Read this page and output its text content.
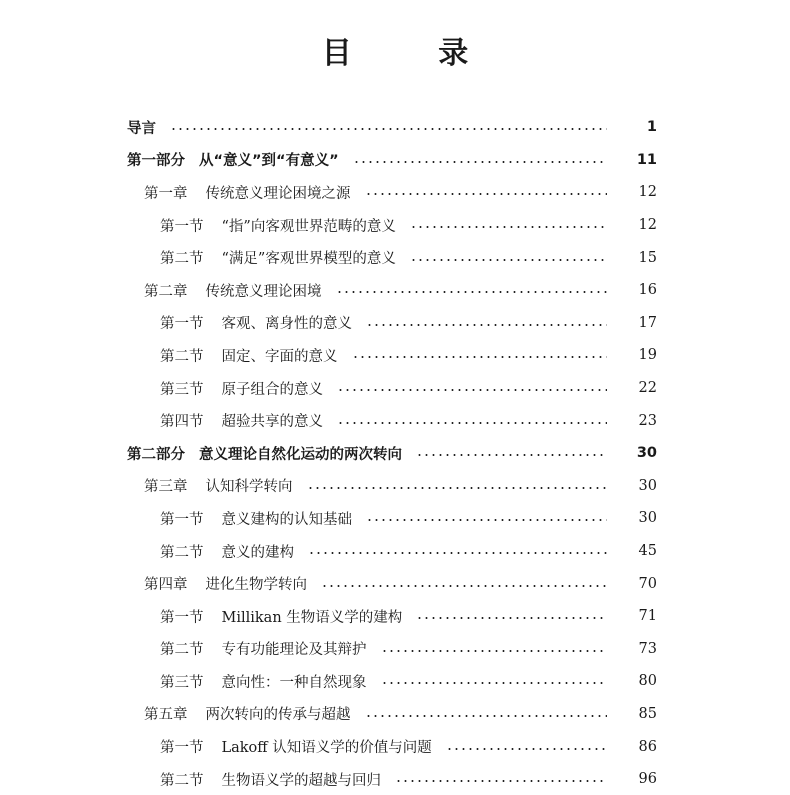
目 录
导言	1
第一部分 从“意义”到“有意义”	11
第一章 传统意义理论困境之源	12
第一节 “指”向客观世界范畴的意义	12
第二节 “满足”客观世界模型的意义	15
第二章 传统意义理论困境	16
第一节 客观、离身性的意义	17
第二节 固定、字面的意义	19
第三节 原子组合的意义	22
第四节 超验共享的意义	23
第二部分 意义理论自然化运动的两次转向	30
第三章 认知科学转向	30
第一节 意义建构的认知基础	30
第二节 意义的建构	45
第四章 进化生物学转向	70
第一节 Millikan 生物语义学的建构	71
第二节 专有功能理论及其辩护	73
第三节 意向性：一种自然现象	80
第五章 两次转向的传承与超越	85
第一节 Lakoff 认知语义学的价值与问题	86
第二节 生物语义学的超越与回归	96
